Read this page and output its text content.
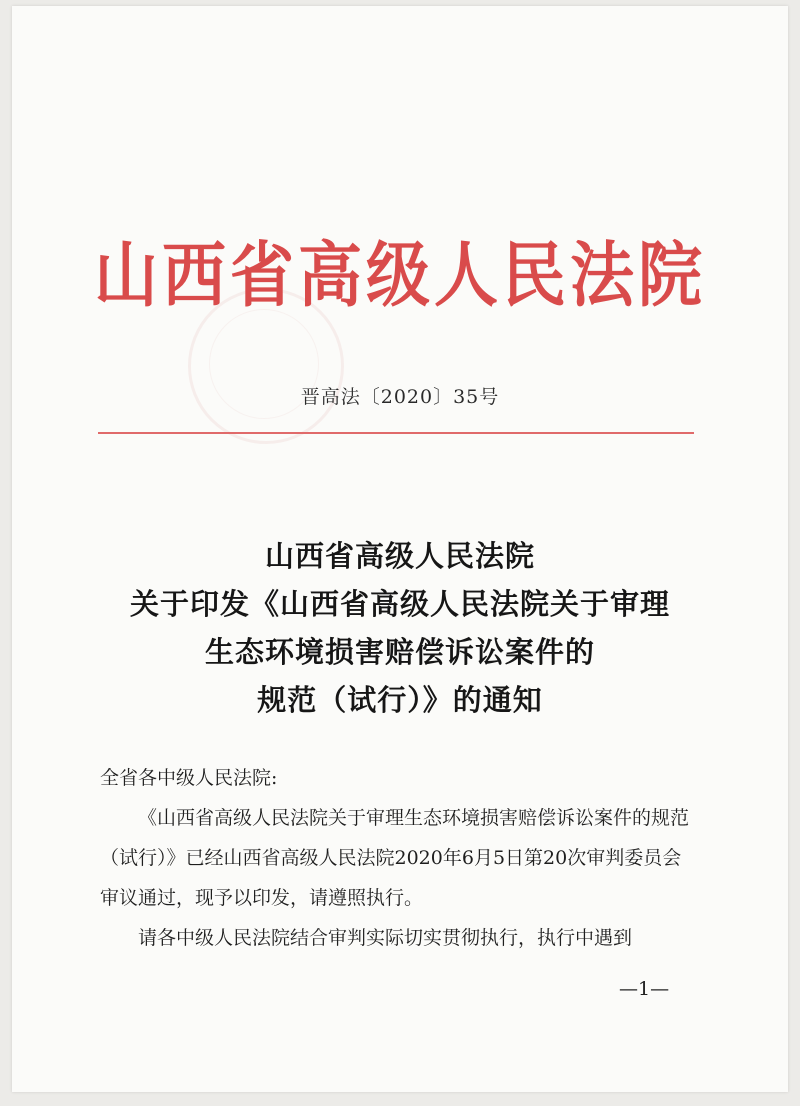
山西省高级人民法院
晋高法〔2020〕35号
山西省高级人民法院
关于印发《山西省高级人民法院关于审理
生态环境损害赔偿诉讼案件的
规范（试行）》的通知

全省各中级人民法院:

《山西省高级人民法院关于审理生态环境损害赔偿诉讼案件的规范（试行）》已经山西省高级人民法院2020年6月5日第20次审判委员会审议通过，现予以印发，请遵照执行。

请各中级人民法院结合审判实际切实贯彻执行，执行中遇到

—1—
